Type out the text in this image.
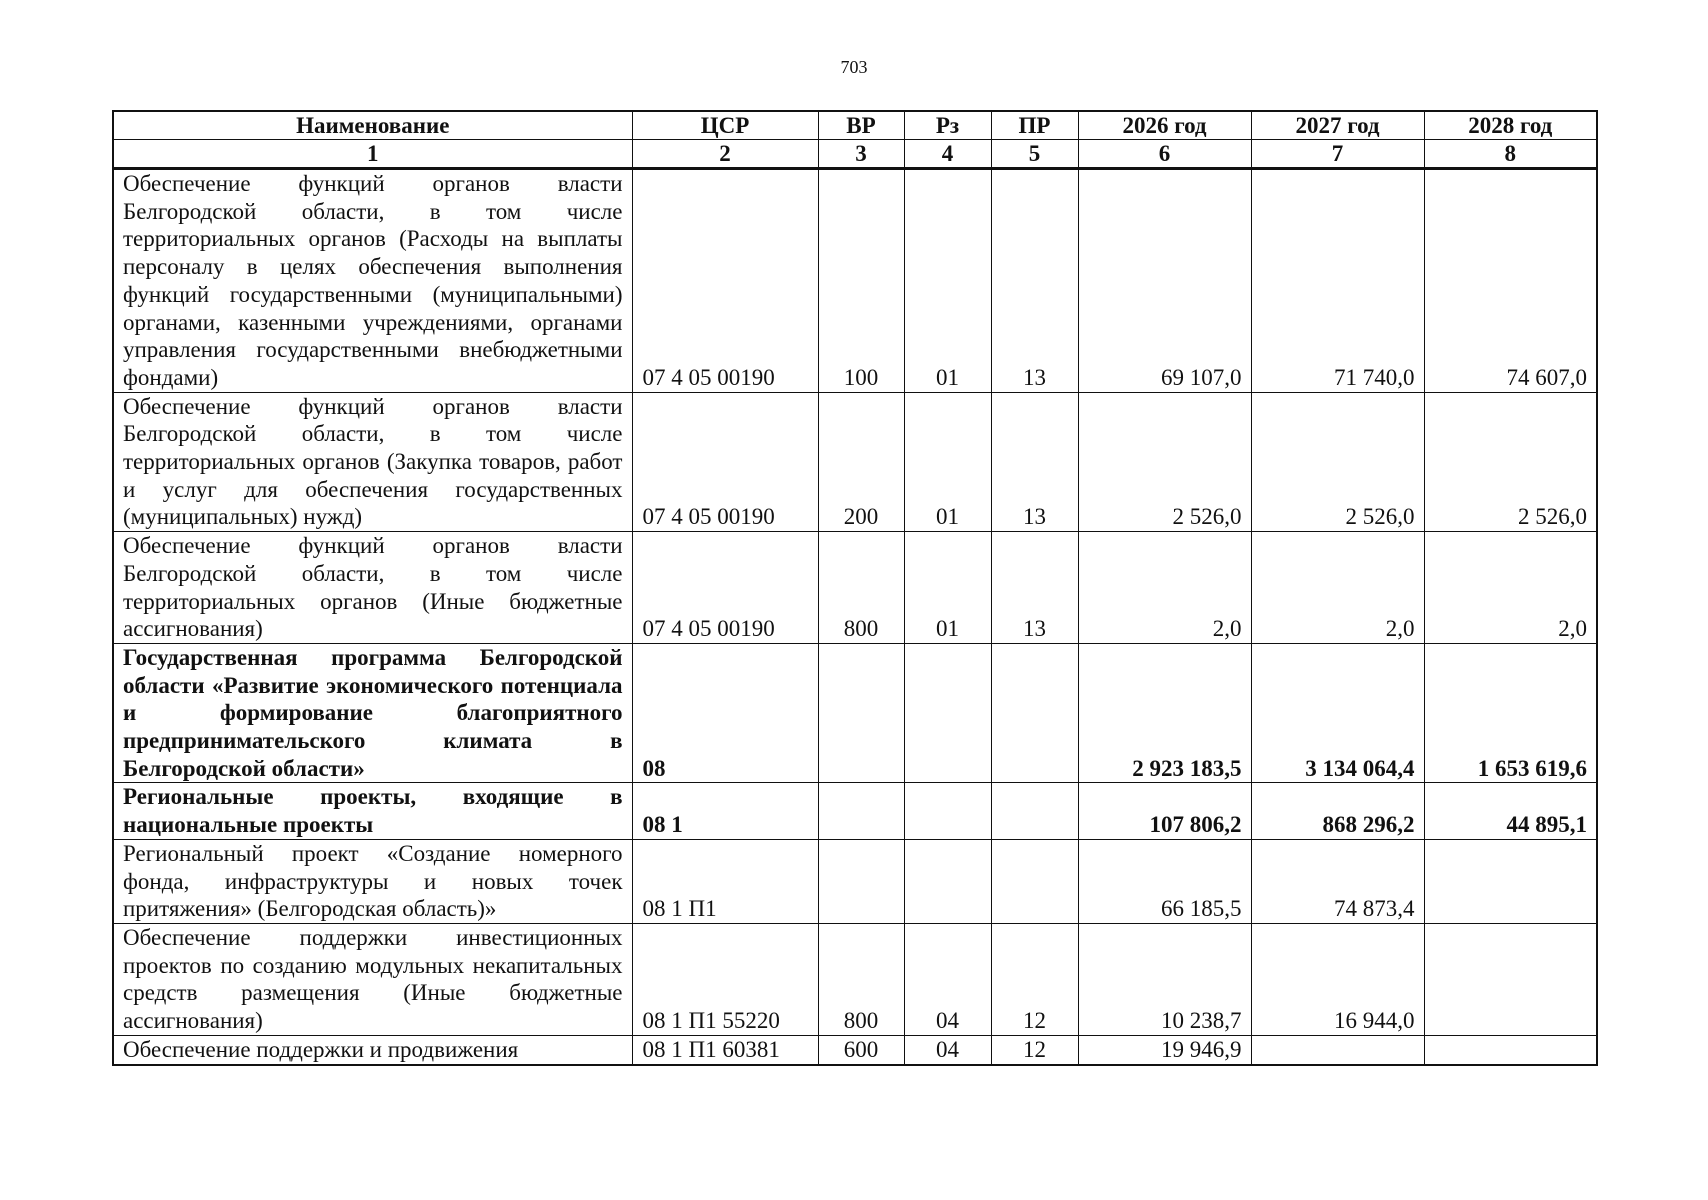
703
Наименование	ЦСР	ВР	Рз	ПР	2026 год	2027 год	2028 год
1	2	3	4	5	6	7	8
Обеспечение функций органов власти Белгородской области, в том числе территориальных органов (Расходы на выплаты персоналу в целях обеспечения выполнения функций государственными (муниципальными) органами, казенными учреждениями, органами управления государственными внебюджетными фондами)	07 4 05 00190	100	01	13	69 107,0	71 740,0	74 607,0
Обеспечение функций органов власти Белгородской области, в том числе территориальных органов (Закупка товаров, работ и услуг для обеспечения государственных (муниципальных) нужд)	07 4 05 00190	200	01	13	2 526,0	2 526,0	2 526,0
Обеспечение функций органов власти Белгородской области, в том числе территориальных органов (Иные бюджетные ассигнования)	07 4 05 00190	800	01	13	2,0	2,0	2,0
Государственная программа Белгородской области «Развитие экономического потенциала и формирование благоприятного предпринимательского климата в Белгородской области»	08				2 923 183,5	3 134 064,4	1 653 619,6
Региональные проекты, входящие в национальные проекты	08 1				107 806,2	868 296,2	44 895,1
Региональный проект «Создание номерного фонда, инфраструктуры и новых точек притяжения» (Белгородская область)»	08 1 П1				66 185,5	74 873,4	
Обеспечение поддержки инвестиционных проектов по созданию модульных некапитальных средств размещения (Иные бюджетные ассигнования)	08 1 П1 55220	800	04	12	10 238,7	16 944,0	
Обеспечение поддержки и продвижения	08 1 П1 60381	600	04	12	19 946,9		
